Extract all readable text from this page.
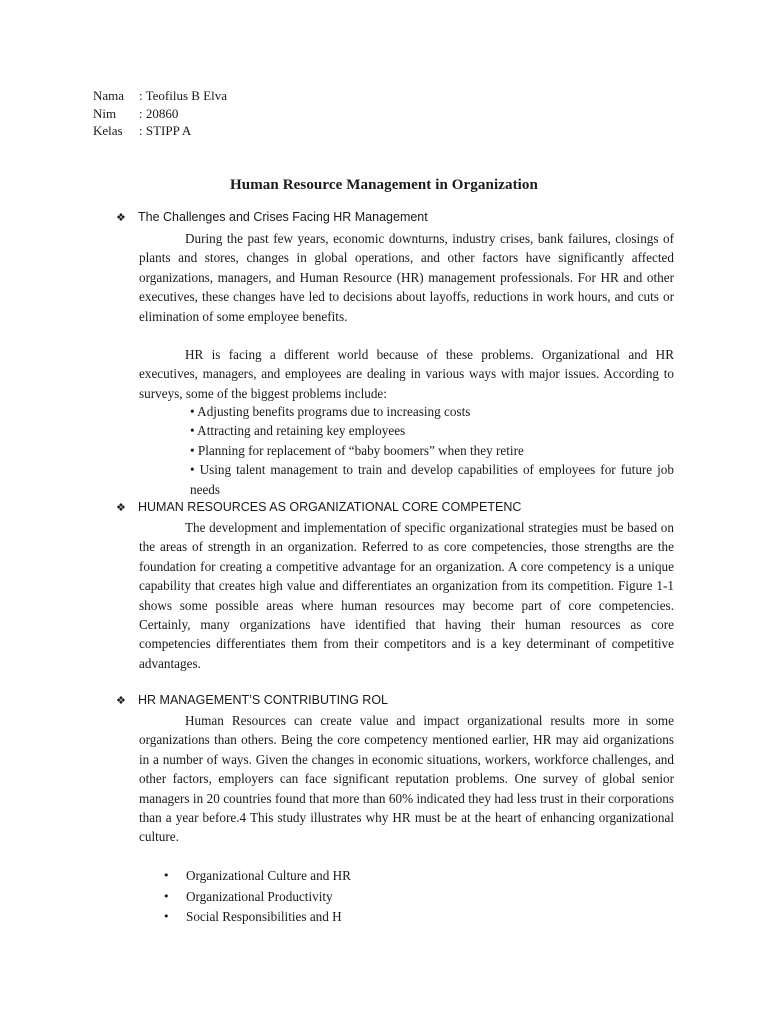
Nama	: Teofilus B Elva
Nim	: 20860
Kelas	: STIPP A
Human Resource Management in Organization
❖ The Challenges and Crises Facing HR Management
During the past few years, economic downturns, industry crises, bank failures, closings of plants and stores, changes in global operations, and other factors have significantly affected organizations, managers, and Human Resource (HR) management professionals. For HR and other executives, these changes have led to decisions about layoffs, reductions in work hours, and cuts or elimination of some employee benefits.
HR is facing a different world because of these problems. Organizational and HR executives, managers, and employees are dealing in various ways with major issues. According to surveys, some of the biggest problems include:
• Adjusting benefits programs due to increasing costs
• Attracting and retaining key employees
• Planning for replacement of “baby boomers” when they retire
• Using talent management to train and develop capabilities of employees for future job needs
❖ HUMAN RESOURCES AS ORGANIZATIONAL CORE COMPETENC
The development and implementation of specific organizational strategies must be based on the areas of strength in an organization. Referred to as core competencies, those strengths are the foundation for creating a competitive advantage for an organization. A core competency is a unique capability that creates high value and differentiates an organization from its competition. Figure 1-1 shows some possible areas where human resources may become part of core competencies. Certainly, many organizations have identified that having their human resources as core competencies differentiates them from their competitors and is a key determinant of competitive advantages.
❖ HR MANAGEMENT’S CONTRIBUTING ROL
Human Resources can create value and impact organizational results more in some organizations than others. Being the core competency mentioned earlier, HR may aid organizations in a number of ways. Given the changes in economic situations, workers, workforce challenges, and other factors, employers can face significant reputation problems. One survey of global senior managers in 20 countries found that more than 60% indicated they had less trust in their corporations than a year before.4 This study illustrates why HR must be at the heart of enhancing organizational culture.
•	Organizational Culture and HR
•	Organizational Productivity
•	Social Responsibilities and H
